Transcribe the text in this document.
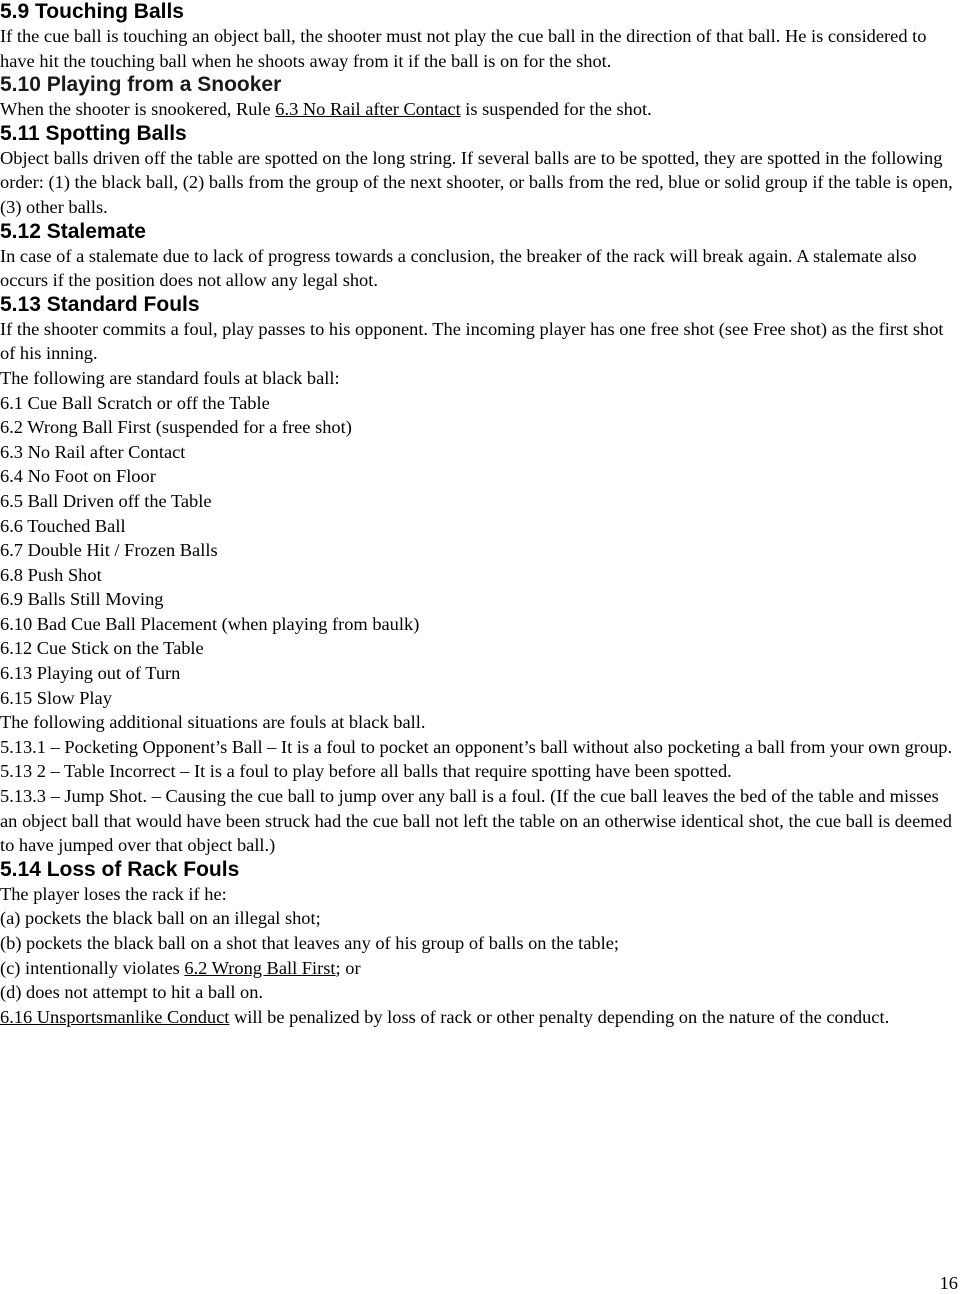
5.9 Touching Balls

If the cue ball is touching an object ball, the shooter must not play the cue ball in the direction of that ball. He is considered to have hit the touching ball when he shoots away from it if the ball is on for the shot.

5.10 Playing from a Snooker

When the shooter is snookered, Rule 6.3 No Rail after Contact is suspended for the shot.

5.11 Spotting Balls

Object balls driven off the table are spotted on the long string. If several balls are to be spotted, they are spotted in the following order: (1) the black ball, (2) balls from the group of the next shooter, or balls from the red, blue or solid group if the table is open, (3) other balls.

5.12 Stalemate

In case of a stalemate due to lack of progress towards a conclusion, the breaker of the rack will break again. A stalemate also occurs if the position does not allow any legal shot.

5.13 Standard Fouls

If the shooter commits a foul, play passes to his opponent. The incoming player has one free shot (see Free shot) as the first shot of his inning.

The following are standard fouls at black ball:

6.1 Cue Ball Scratch or off the Table
6.2 Wrong Ball First (suspended for a free shot)
6.3 No Rail after Contact
6.4 No Foot on Floor
6.5 Ball Driven off the Table
6.6 Touched Ball
6.7 Double Hit / Frozen Balls
6.8 Push Shot
6.9 Balls Still Moving
6.10 Bad Cue Ball Placement (when playing from baulk)
6.12 Cue Stick on the Table
6.13 Playing out of Turn
6.15 Slow Play

The following additional situations are fouls at black ball.

5.13.1 – Pocketing Opponent’s Ball – It is a foul to pocket an opponent’s ball without also pocketing a ball from your own group.

5.13 2 – Table Incorrect – It is a foul to play before all balls that require spotting have been spotted.

5.13.3 – Jump Shot. – Causing the cue ball to jump over any ball is a foul. (If the cue ball leaves the bed of the table and misses an object ball that would have been struck had the cue ball not left the table on an otherwise identical shot, the cue ball is deemed to have jumped over that object ball.)

5.14 Loss of Rack Fouls

The player loses the rack if he:

(a) pockets the black ball on an illegal shot;

(b) pockets the black ball on a shot that leaves any of his group of balls on the table;

(c) intentionally violates 6.2 Wrong Ball First; or

(d) does not attempt to hit a ball on.

6.16 Unsportsmanlike Conduct will be penalized by loss of rack or other penalty depending on the nature of the conduct.

16
